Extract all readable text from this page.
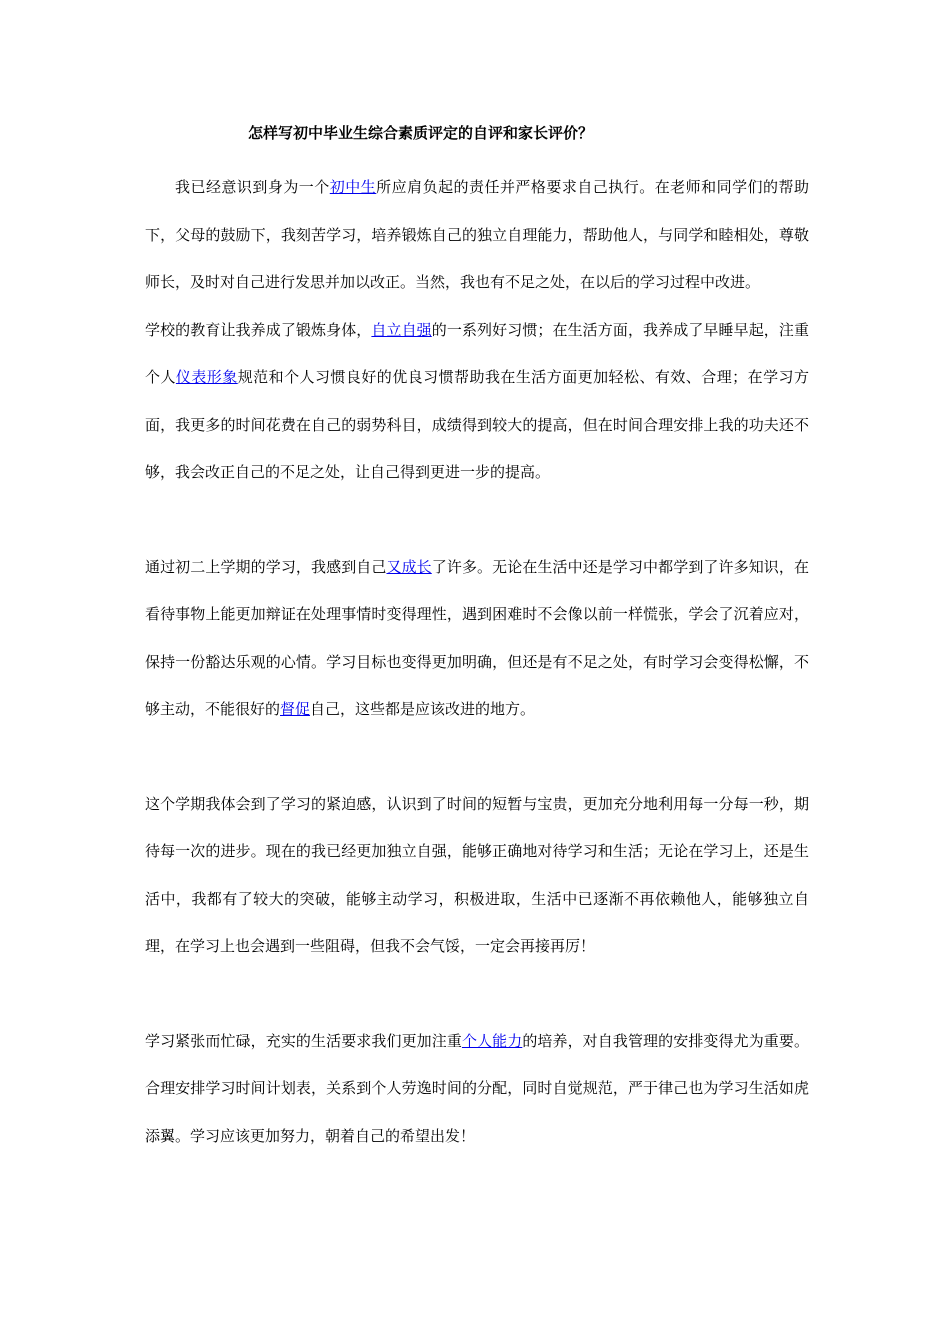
怎样写初中毕业生综合素质评定的自评和家长评价？

我已经意识到身为一个初中生所应肩负起的责任并严格要求自己执行。在老师和同学们的帮助下，父母的鼓励下，我刻苦学习，培养锻炼自己的独立自理能力，帮助他人，与同学和睦相处，尊敬师长，及时对自己进行发思并加以改正。当然，我也有不足之处，在以后的学习过程中改进。

学校的教育让我养成了锻炼身体，自立自强的一系列好习惯；在生活方面，我养成了早睡早起，注重个人仪表形象规范和个人习惯良好的优良习惯帮助我在生活方面更加轻松、有效、合理；在学习方面，我更多的时间花费在自己的弱势科目，成绩得到较大的提高，但在时间合理安排上我的功夫还不够，我会改正自己的不足之处，让自己得到更进一步的提高。

通过初二上学期的学习，我感到自己又成长了许多。无论在生活中还是学习中都学到了许多知识，在看待事物上能更加辩证在处理事情时变得理性，遇到困难时不会像以前一样慌张，学会了沉着应对，保持一份豁达乐观的心情。学习目标也变得更加明确，但还是有不足之处，有时学习会变得松懈，不够主动，不能很好的督促自己，这些都是应该改进的地方。

这个学期我体会到了学习的紧迫感，认识到了时间的短暂与宝贵，更加充分地利用每一分每一秒，期待每一次的进步。现在的我已经更加独立自强，能够正确地对待学习和生活；无论在学习上，还是生活中，我都有了较大的突破，能够主动学习，积极进取，生活中已逐渐不再依赖他人，能够独立自理，在学习上也会遇到一些阻碍，但我不会气馁，一定会再接再厉！

学习紧张而忙碌，充实的生活要求我们更加注重个人能力的培养，对自我管理的安排变得尤为重要。合理安排学习时间计划表，关系到个人劳逸时间的分配，同时自觉规范，严于律己也为学习生活如虎添翼。学习应该更加努力，朝着自己的希望出发！
